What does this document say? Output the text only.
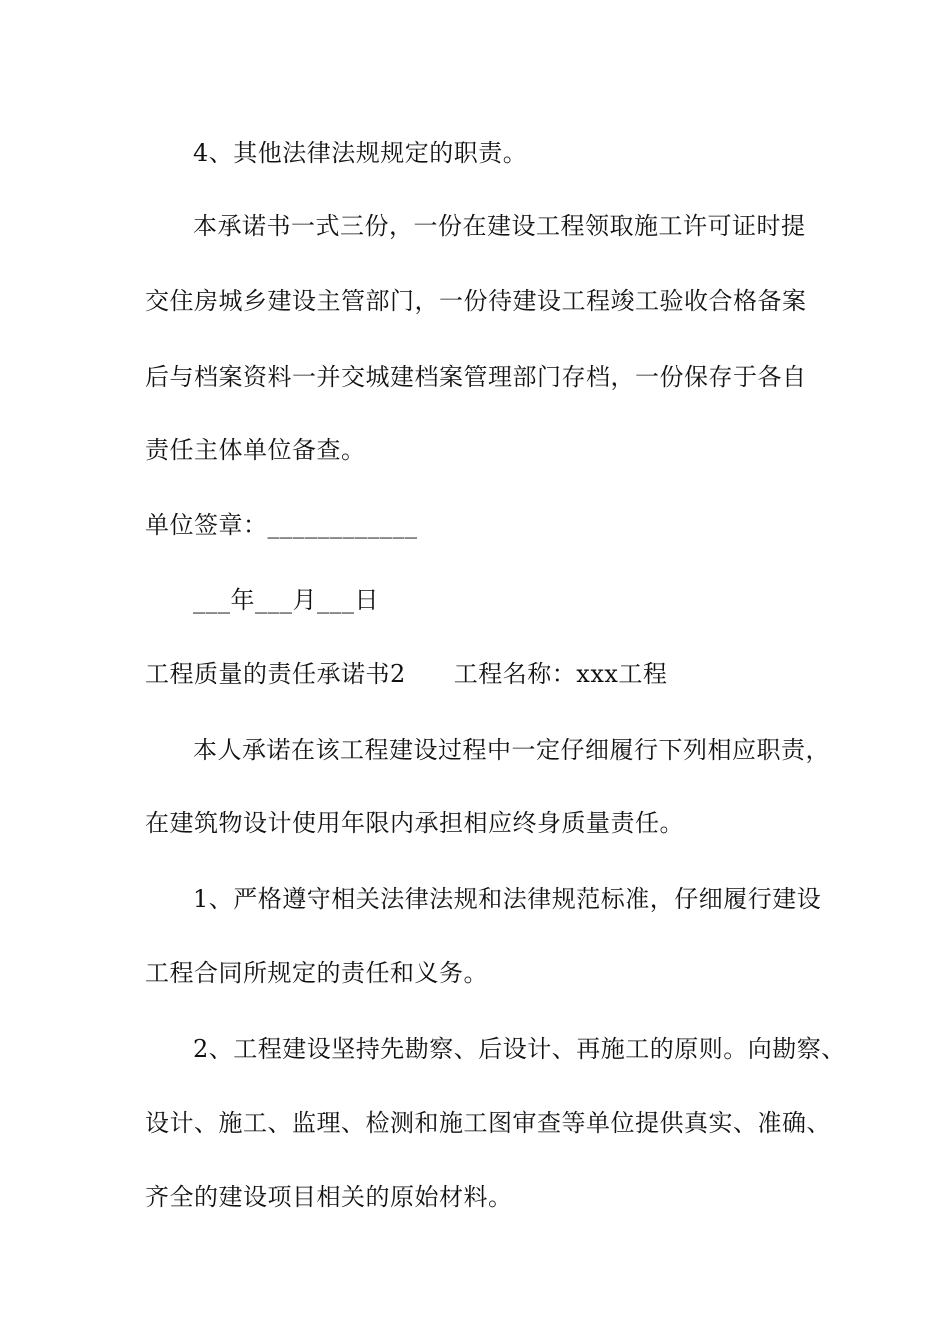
4、其他法律法规规定的职责。
本承诺书一式三份，一份在建设工程领取施工许可证时提
交住房城乡建设主管部门，一份待建设工程竣工验收合格备案
后与档案资料一并交城建档案管理部门存档，一份保存于各自
责任主体单位备查。
单位签章：____________
___年___月___日
工程质量的责任承诺书2 工程名称：xxx工程
本人承诺在该工程建设过程中一定仔细履行下列相应职责，
在建筑物设计使用年限内承担相应终身质量责任。
1、严格遵守相关法律法规和法律规范标准，仔细履行建设
工程合同所规定的责任和义务。
2、工程建设坚持先勘察、后设计、再施工的原则。向勘察、
设计、施工、监理、检测和施工图审查等单位提供真实、准确、
齐全的建设项目相关的原始材料。
